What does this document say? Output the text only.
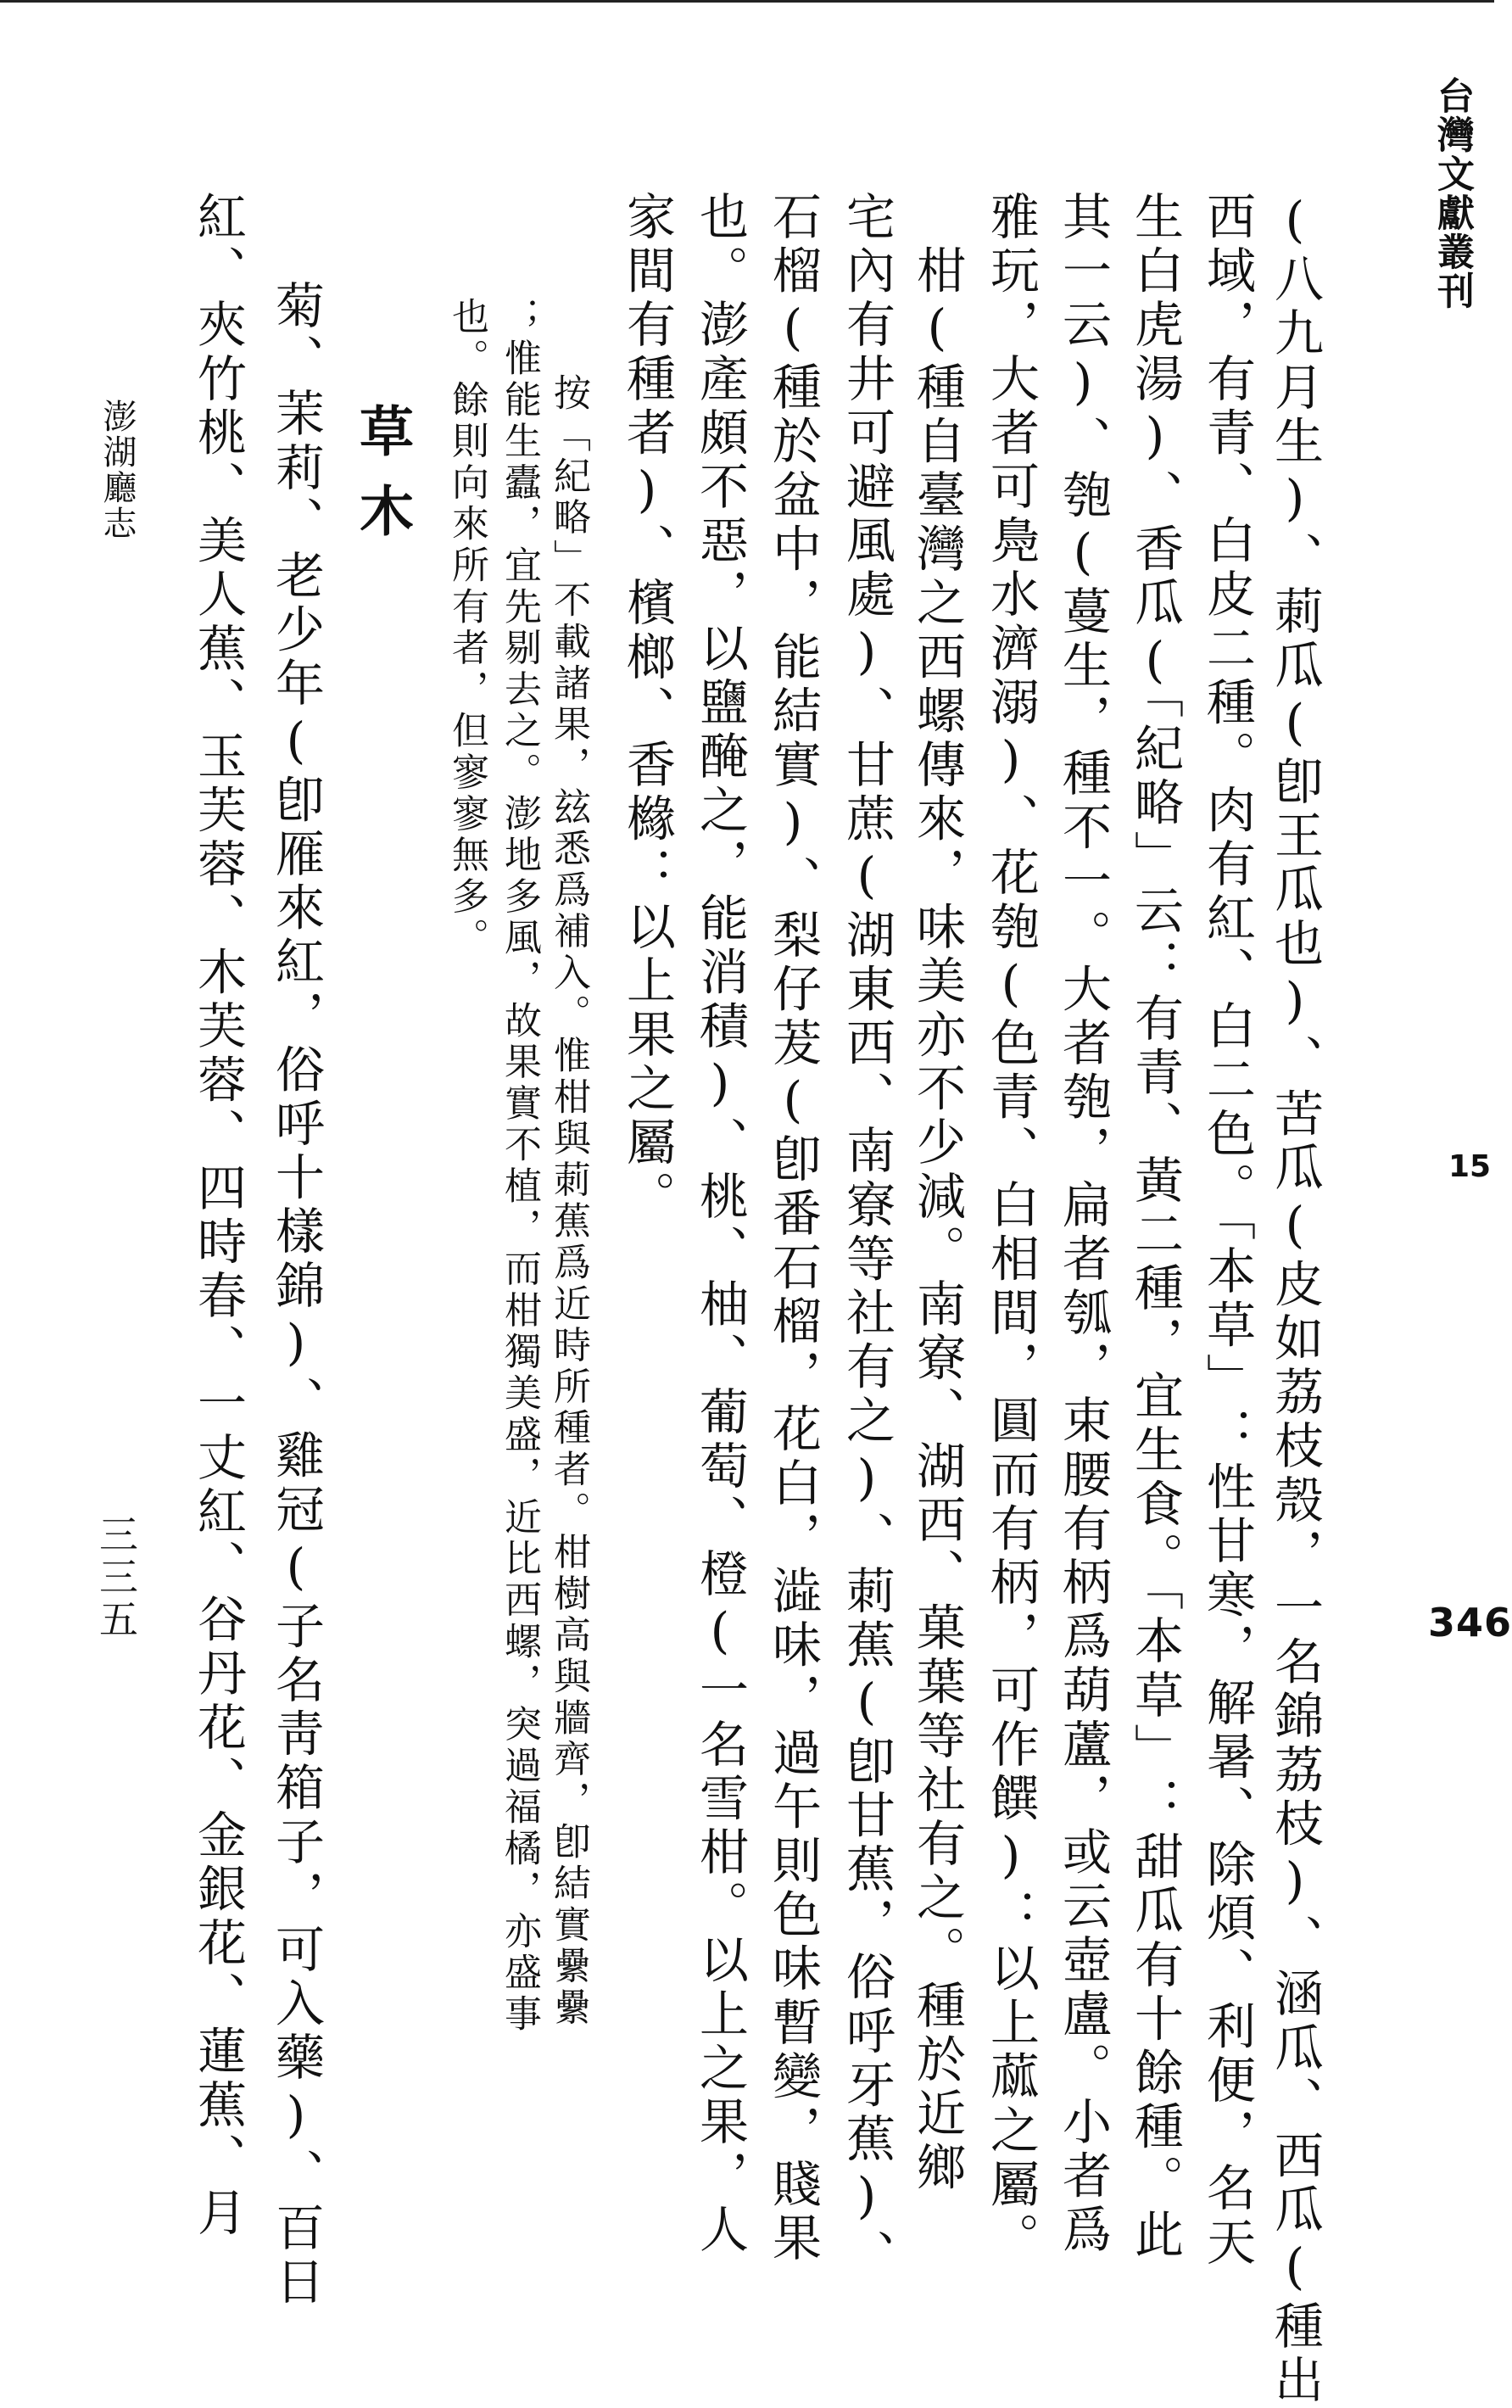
台灣文獻叢刊
15
346
(八九月生)、莿瓜(卽王瓜也)、苦瓜(皮如荔枝殼，一名錦荔枝)、涵瓜、西瓜(種出
西域，有青、白皮二種。肉有紅、白二色。「本草」：性甘寒，解暑、除煩、利便，名天
生白虎湯)、香瓜(「紀略」云：有青、黃二種，宜生食。「本草」：甜瓜有十餘種。此
其一云)、匏(蔓生，種不一。大者匏，扁者瓠，束腰有柄爲葫蘆，或云壺盧。小者爲
雅玩，大者可鳧水濟溺)、花匏(色青、白相間，圓而有柄，可作饌)：以上蓏之屬。
　柑(種自臺灣之西螺傳來，味美亦不少減。南寮、湖西、菓葉等社有之。種於近鄉
宅內有井可避風處)、甘蔗(湖東西、南寮等社有之)、莿蕉(卽甘蕉，俗呼牙蕉)、
石榴(種於盆中，能結實)、梨仔茇(卽番石榴，花白，澁味，過午則色味暫變，賤果
也。澎產頗不惡，以鹽醃之，能消積)、桃、柚、葡萄、橙(一名雪柑。以上之果，人
家間有種者)、檳榔、香櫞：以上果之屬。
按「紀略」不載諸果，玆悉爲補入。惟柑與莿蕉爲近時所種者。柑樹高與牆齊，卽結實纍纍
；惟能生蠹，宜先剔去之。澎地多風，故果實不植，而柑獨美盛，近比西螺，突過福橘，亦盛事
也。餘則向來所有者，但寥寥無多。
草木
菊、茉莉、老少年(卽雁來紅，俗呼十樣錦)、雞冠(子名靑箱子，可入藥)、百日
紅、夾竹桃、美人蕉、玉芙蓉、木芙蓉、四時春、一丈紅、谷丹花、金銀花、蓮蕉、月
澎湖廳志
三三五
